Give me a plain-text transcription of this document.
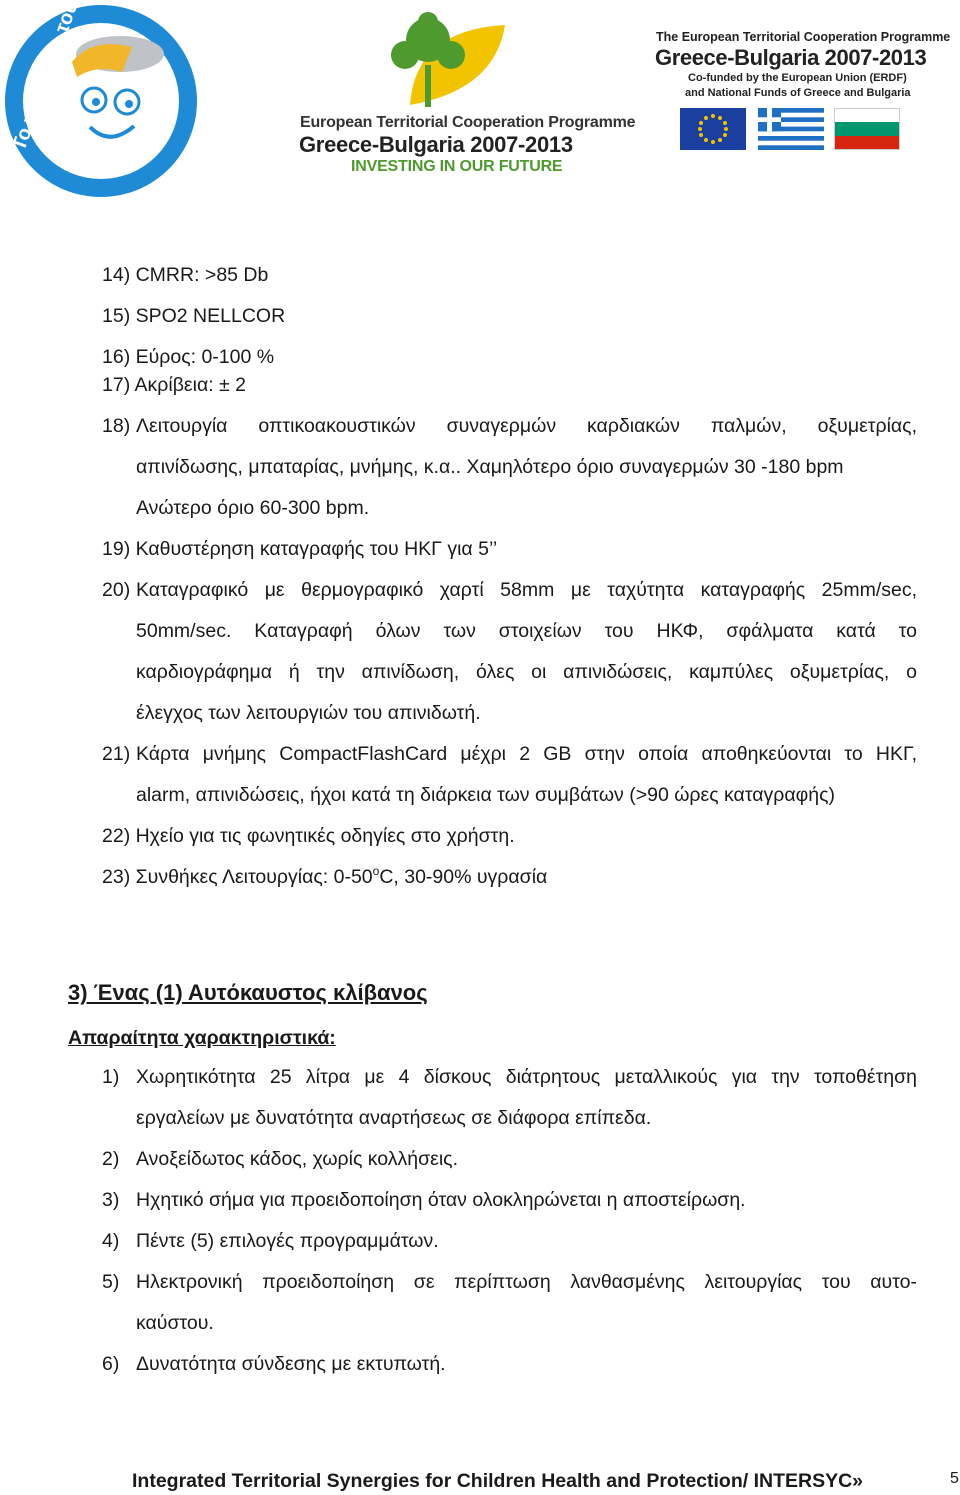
Το χαμόγελο του
European Territorial Cooperation Programme
Greece-Bulgaria 2007-2013
INVESTING IN OUR FUTURE
The European Territorial Cooperation Programme
Greece-Bulgaria 2007-2013
Co-funded by the European Union (ERDF)
and National Funds of Greece and Bulgaria
14) CMRR: >85 Db
15) SPO2 NELLCOR
16) Εύρος: 0-100 %
17) Ακρίβεια: ± 2
18) Λειτουργία οπτικοακουστικών συναγερμών καρδιακών παλμών, οξυμετρίας,
απινίδωσης, μπαταρίας, μνήμης, κ.α.. Χαμηλότερο όριο συναγερμών 30 -180 bpm
Ανώτερο όριο 60-300 bpm.
19) Καθυστέρηση καταγραφής του ΗΚΓ για 5’’
20) Καταγραφικό με θερμογραφικό χαρτί 58mm με ταχύτητα καταγραφής 25mm/sec,
50mm/sec. Καταγραφή όλων των στοιχείων του ΗΚΦ, σφάλματα κατά το
καρδιογράφημα ή την απινίδωση, όλες οι απινιδώσεις, καμπύλες οξυμετρίας, ο
έλεγχος των λειτουργιών του απινιδωτή.
21) Κάρτα μνήμης CompactFlashCard μέχρι 2 GB στην οποία αποθηκεύονται το ΗΚΓ,
alarm, απινιδώσεις, ήχοι κατά τη διάρκεια των συμβάτων (>90 ώρες καταγραφής)
22) Ηχείο για τις φωνητικές οδηγίες στο χρήστη.
23) Συνθήκες Λειτουργίας: 0-50$^o$C, 30-90% υγρασία
3) Ένας (1) Αυτόκαυστος κλίβανος
Απαραίτητα χαρακτηριστικά:
1) Χωρητικότητα 25 λίτρα με 4 δίσκους διάτρητους μεταλλικούς για την τοποθέτηση
εργαλείων με δυνατότητα αναρτήσεως σε διάφορα επίπεδα.
2) Ανοξείδωτος κάδος, χωρίς κολλήσεις.
3) Ηχητικό σήμα για προειδοποίηση όταν ολοκληρώνεται η αποστείρωση.
4) Πέντε (5) επιλογές προγραμμάτων.
5) Ηλεκτρονική προειδοποίηση σε περίπτωση λανθασμένης λειτουργίας του αυτο-
καύστου.
6) Δυνατότητα σύνδεσης με εκτυπωτή.
Integrated Territorial Synergies for Children Health and Protection/ INTERSYC»	5
